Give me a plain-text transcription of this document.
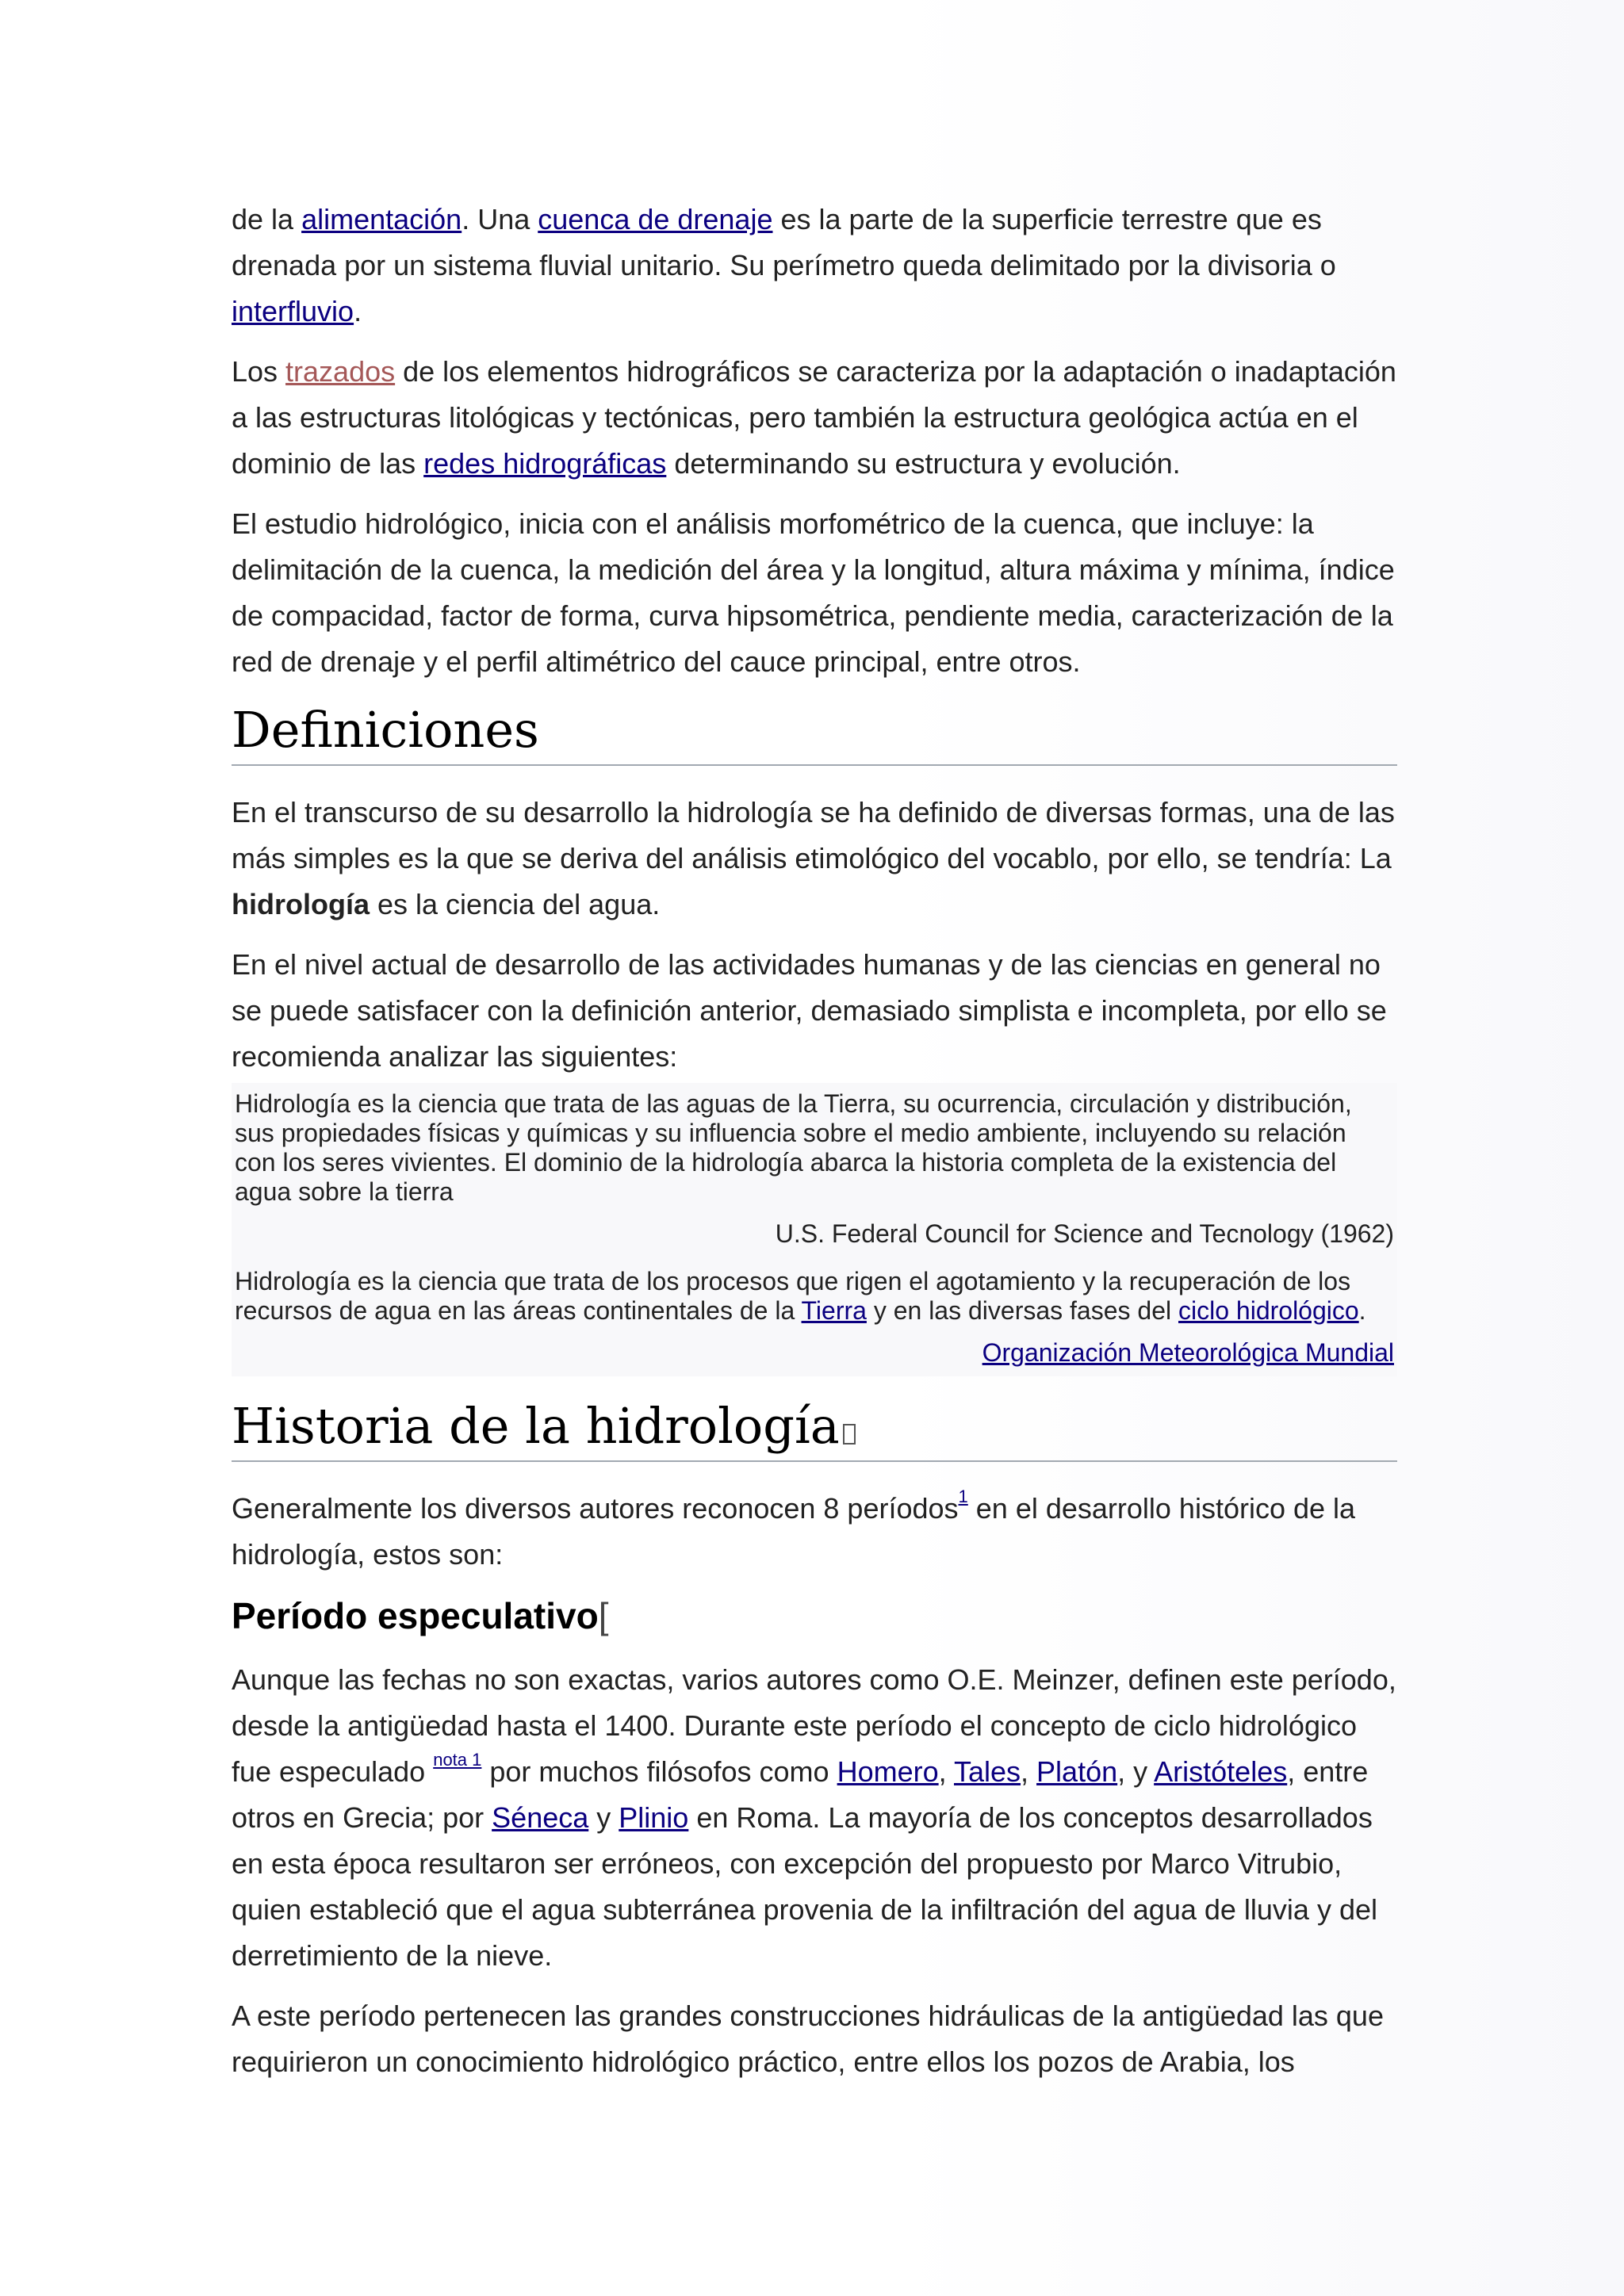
de la alimentación. Una cuenca de drenaje es la parte de la superficie terrestre que es drenada por un sistema fluvial unitario. Su perímetro queda delimitado por la divisoria o interfluvio.

Los trazados de los elementos hidrográficos se caracteriza por la adaptación o inadaptación a las estructuras litológicas y tectónicas, pero también la estructura geológica actúa en el dominio de las redes hidrográficas determinando su estructura y evolución.

El estudio hidrológico, inicia con el análisis morfométrico de la cuenca, que incluye: la delimitación de la cuenca, la medición del área y la longitud, altura máxima y mínima, índice de compacidad, factor de forma, curva hipsométrica, pendiente media, caracterización de la red de drenaje y el perfil altimétrico del cauce principal, entre otros.

Definiciones

En el transcurso de su desarrollo la hidrología se ha definido de diversas formas, una de las más simples es la que se deriva del análisis etimológico del vocablo, por ello, se tendría: La hidrología es la ciencia del agua.

En el nivel actual de desarrollo de las actividades humanas y de las ciencias en general no se puede satisfacer con la definición anterior, demasiado simplista e incompleta, por ello se recomienda analizar las siguientes:

Hidrología es la ciencia que trata de las aguas de la Tierra, su ocurrencia, circulación y distribución, sus propiedades físicas y químicas y su influencia sobre el medio ambiente, incluyendo su relación con los seres vivientes. El dominio de la hidrología abarca la historia completa de la existencia del agua sobre la tierra
U.S. Federal Council for Science and Tecnology (1962)
Hidrología es la ciencia que trata de los procesos que rigen el agotamiento y la recuperación de los recursos de agua en las áreas continentales de la Tierra y en las diversas fases del ciclo hidrológico.
Organización Meteorológica Mundial
Historia de la hidrología

Generalmente los diversos autores reconocen 8 períodos$^1$ en el desarrollo histórico de la hidrología, estos son:

Período especulativo[

Aunque las fechas no son exactas, varios autores como O.E. Meinzer, definen este período, desde la antigüedad hasta el 1400. Durante este período el concepto de ciclo hidrológico fue especulado $^{nota 1}$ por muchos filósofos como Homero, Tales, Platón, y Aristóteles, entre otros en Grecia; por Séneca y Plinio en Roma. La mayoría de los conceptos desarrollados en esta época resultaron ser erróneos, con excepción del propuesto por Marco Vitrubio, quien estableció que el agua subterránea provenia de la infiltración del agua de lluvia y del derretimiento de la nieve.

A este período pertenecen las grandes construcciones hidráulicas de la antigüedad las que requirieron un conocimiento hidrológico práctico, entre ellos los pozos de Arabia, los
